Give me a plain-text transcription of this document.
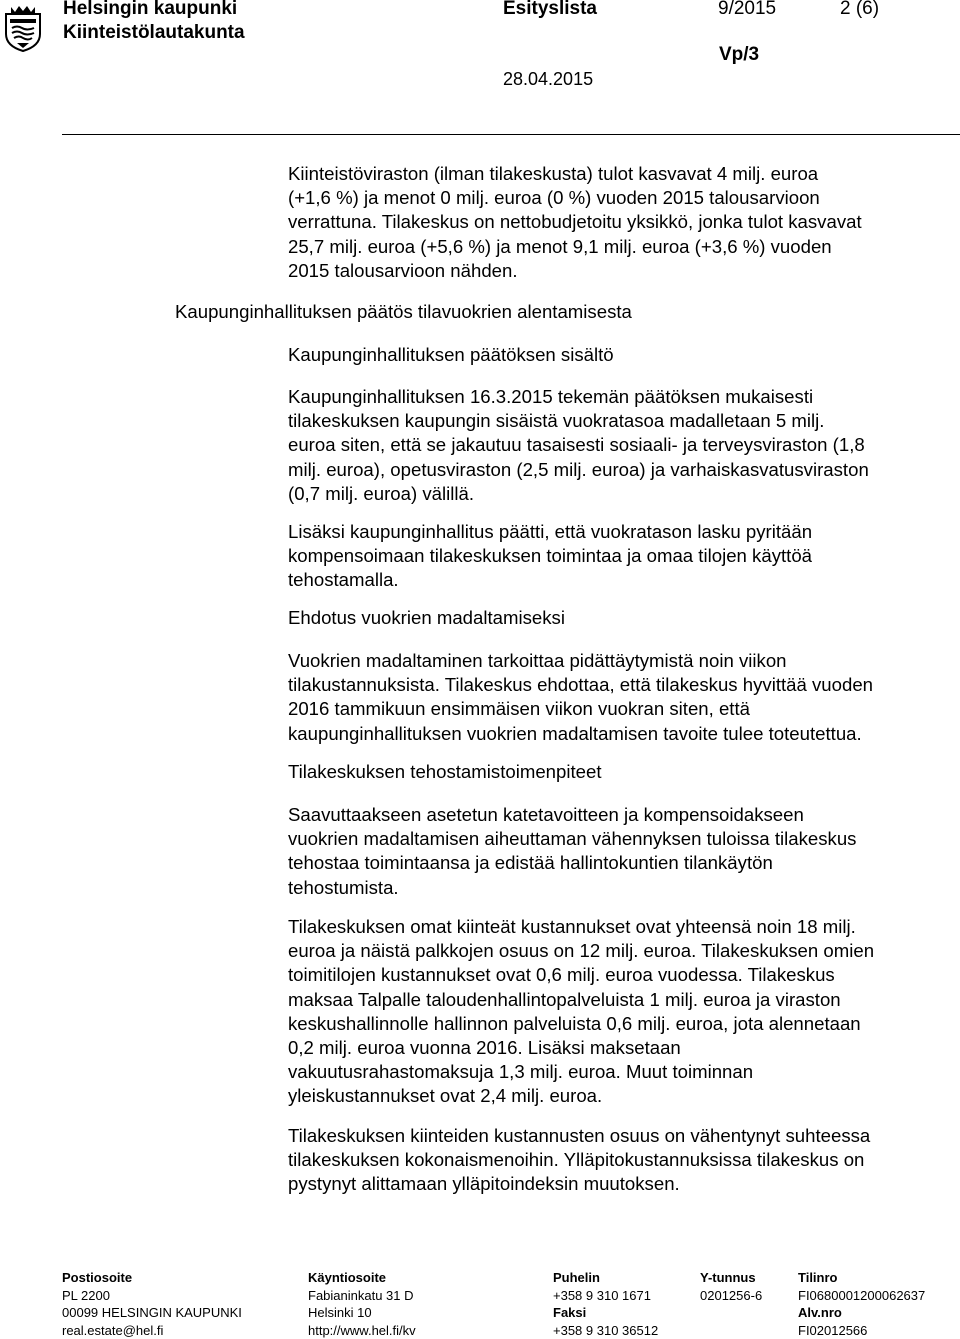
Helsingin kaupunki
Kiinteistölautakunta
Esityslista	9/2015	2 (6)
Vp/3
28.04.2015
Kiinteistöviraston (ilman tilakeskusta) tulot kasvavat 4 milj. euroa
(+1,6 %) ja menot 0 milj. euroa (0 %) vuoden 2015 talousarvioon
verrattuna. Tilakeskus on nettobudjetoitu yksikkö, jonka tulot kasvavat
25,7 milj. euroa (+5,6 %) ja menot 9,1 milj. euroa (+3,6 %) vuoden
2015 talousarvioon nähden.
Kaupunginhallituksen päätös tilavuokrien alentamisesta
Kaupunginhallituksen päätöksen sisältö
Kaupunginhallituksen 16.3.2015 tekemän päätöksen mukaisesti
tilakeskuksen kaupungin sisäistä vuokratasoa madalletaan 5 milj.
euroa siten, että se jakautuu tasaisesti sosiaali- ja terveysviraston (1,8
milj. euroa), opetusviraston (2,5 milj. euroa) ja varhaiskasvatusviraston
(0,7 milj. euroa) välillä.
Lisäksi kaupunginhallitus päätti, että vuokratason lasku pyritään
kompensoimaan tilakeskuksen toimintaa ja omaa tilojen käyttöä
tehostamalla.
Ehdotus vuokrien madaltamiseksi
Vuokrien madaltaminen tarkoittaa pidättäytymistä noin viikon
tilakustannuksista. Tilakeskus ehdottaa, että tilakeskus hyvittää vuoden
2016 tammikuun ensimmäisen viikon vuokran siten, että
kaupunginhallituksen vuokrien madaltamisen tavoite tulee toteutettua.
Tilakeskuksen tehostamistoimenpiteet
Saavuttaakseen asetetun katetavoitteen ja kompensoidakseen
vuokrien madaltamisen aiheuttaman vähennyksen tuloissa tilakeskus
tehostaa toimintaansa ja edistää hallintokuntien tilankäytön
tehostumista.
Tilakeskuksen omat kiinteät kustannukset ovat yhteensä noin 18 milj.
euroa ja näistä palkkojen osuus on 12 milj. euroa. Tilakeskuksen omien
toimitilojen kustannukset ovat 0,6 milj. euroa vuodessa. Tilakeskus
maksaa Talpalle taloudenhallintopalveluista 1 milj. euroa ja viraston
keskushallinnolle hallinnon palveluista 0,6 milj. euroa, jota alennetaan
0,2 milj. euroa vuonna 2016. Lisäksi maksetaan
vakuutusrahastomaksuja 1,3 milj. euroa. Muut toiminnan
yleiskustannukset ovat 2,4 milj. euroa.
Tilakeskuksen kiinteiden kustannusten osuus on vähentynyt suhteessa
tilakeskuksen kokonaismenoihin. Ylläpitokustannuksissa tilakeskus on
pystynyt alittamaan ylläpitoindeksin muutoksen.
Postiosoite
PL 2200
00099 HELSINGIN KAUPUNKI
real.estate@hel.fi
Käyntiosoite
Fabianinkatu 31 D
Helsinki 10
http://www.hel.fi/kv
Puhelin
+358 9 310 1671
Faksi
+358 9 310 36512
Y-tunnus
0201256-6
Tilinro
FI0680001200062637
Alv.nro
FI02012566
